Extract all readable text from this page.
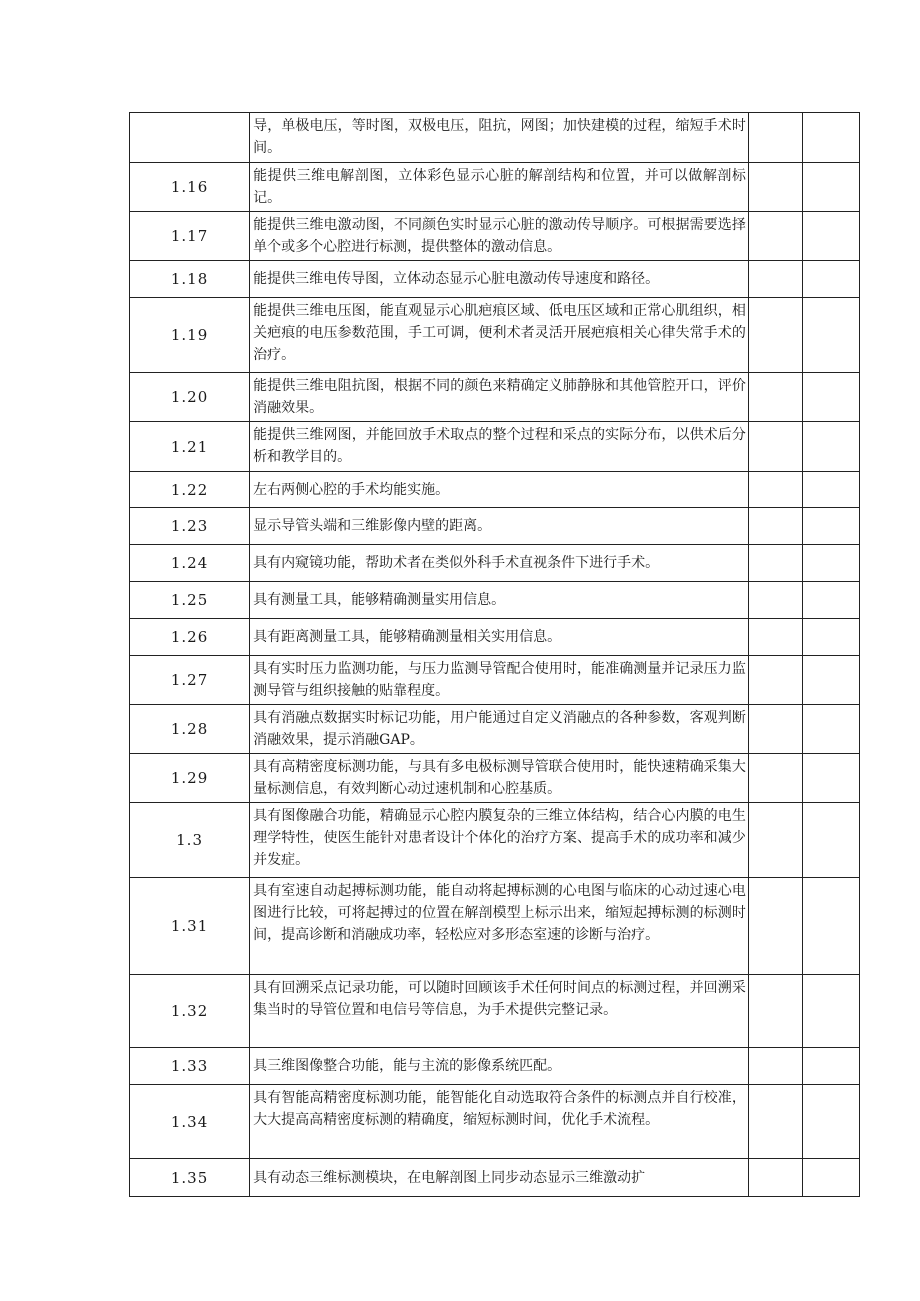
	导，单极电压，等时图，双极电压，阻抗，网图；加快建模的过程，缩短手术时间。		
1.16	能提供三维电解剖图，立体彩色显示心脏的解剖结构和位置，并可以做解剖标记。		
1.17	能提供三维电激动图，不同颜色实时显示心脏的激动传导顺序。可根据需要选择单个或多个心腔进行标测，提供整体的激动信息。		
1.18	能提供三维电传导图，立体动态显示心脏电激动传导速度和路径。		
1.19	能提供三维电压图，能直观显示心肌疤痕区域、低电压区域和正常心肌组织，相关疤痕的电压参数范围，手工可调，便利术者灵活开展疤痕相关心律失常手术的治疗。		
1.20	能提供三维电阻抗图，根据不同的颜色来精确定义肺静脉和其他管腔开口，评价消融效果。		
1.21	能提供三维网图，并能回放手术取点的整个过程和采点的实际分布，以供术后分析和教学目的。		
1.22	左右两侧心腔的手术均能实施。		
1.23	显示导管头端和三维影像内壁的距离。		
1.24	具有内窥镜功能，帮助术者在类似外科手术直视条件下进行手术。		
1.25	具有测量工具，能够精确测量实用信息。		
1.26	具有距离测量工具，能够精确测量相关实用信息。		
1.27	具有实时压力监测功能，与压力监测导管配合使用时，能准确测量并记录压力监测导管与组织接触的贴靠程度。		
1.28	具有消融点数据实时标记功能，用户能通过自定义消融点的各种参数，客观判断消融效果，提示消融GAP。		
1.29	具有高精密度标测功能，与具有多电极标测导管联合使用时，能快速精确采集大量标测信息，有效判断心动过速机制和心腔基质。		
1.3	具有图像融合功能，精确显示心腔内膜复杂的三维立体结构，结合心内膜的电生理学特性，使医生能针对患者设计个体化的治疗方案、提高手术的成功率和减少并发症。		
1.31	具有室速自动起搏标测功能，能自动将起搏标测的心电图与临床的心动过速心电图进行比较，可将起搏过的位置在解剖模型上标示出来，缩短起搏标测的标测时间，提高诊断和消融成功率，轻松应对多形态室速的诊断与治疗。		
1.32	具有回溯采点记录功能，可以随时回顾该手术任何时间点的标测过程，并回溯采集当时的导管位置和电信号等信息，为手术提供完整记录。		
1.33	具三维图像整合功能，能与主流的影像系统匹配。		
1.34	具有智能高精密度标测功能，能智能化自动选取符合条件的标测点并自行校准，大大提高高精密度标测的精确度，缩短标测时间，优化手术流程。		
1.35	具有动态三维标测模块，在电解剖图上同步动态显示三维激动扩		
